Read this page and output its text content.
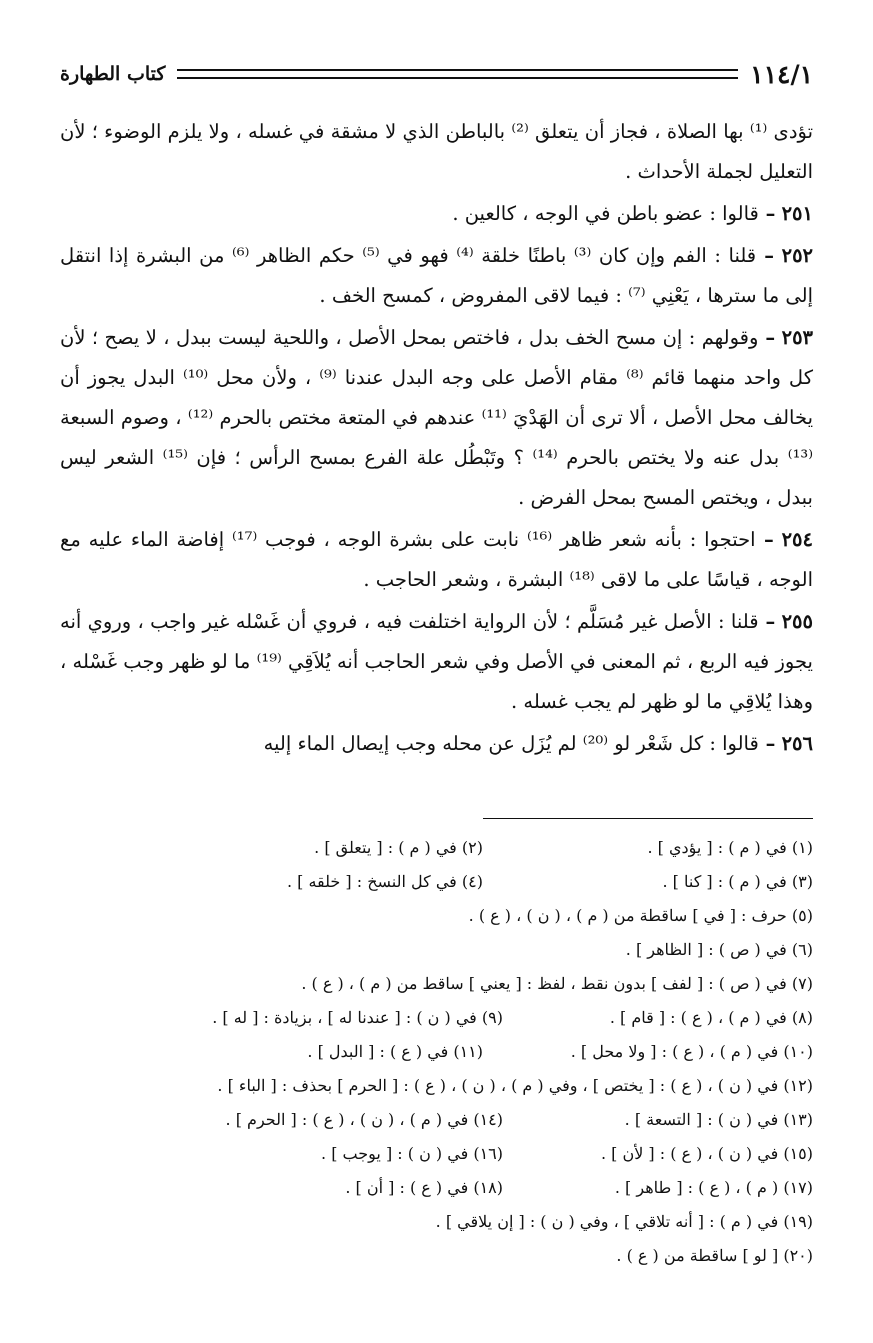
١١٤/١
كتاب الطهارة

تؤدى ⁽¹⁾ بها الصلاة ، فجاز أن يتعلق ⁽²⁾ بالباطن الذي لا مشقة في غسله ، ولا يلزم الوضوء ؛ لأن التعليل لجملة الأحداث .

٢٥١ – قالوا : عضو باطن في الوجه ، كالعين .

٢٥٢ – قلنا : الفم وإن كان ⁽³⁾ باطنًا خلقة ⁽⁴⁾ فهو في ⁽⁵⁾ حكم الظاهر ⁽⁶⁾ من البشرة إذا انتقل إلى ما سترها ، يَعْنِي ⁽⁷⁾ : فيما لاقى المفروض ، كمسح الخف .

٢٥٣ – وقولهم : إن مسح الخف بدل ، فاختص بمحل الأصل ، واللحية ليست ببدل ، لا يصح ؛ لأن كل واحد منهما قائم ⁽⁸⁾ مقام الأصل على وجه البدل عندنا ⁽⁹⁾ ، ولأن محل ⁽¹⁰⁾ البدل يجوز أن يخالف محل الأصل ، ألا ترى أن الهَدْيَ ⁽¹¹⁾ عندهم في المتعة مختص بالحرم ⁽¹²⁾ ، وصوم السبعة ⁽¹³⁾ بدل عنه ولا يختص بالحرم ⁽¹⁴⁾ ؟ وتَبْطُل علة الفرع بمسح الرأس ؛ فإن ⁽¹⁵⁾ الشعر ليس ببدل ، ويختص المسح بمحل الفرض .

٢٥٤ – احتجوا : بأنه شعر ظاهر ⁽¹⁶⁾ نابت على بشرة الوجه ، فوجب ⁽¹⁷⁾ إفاضة الماء عليه مع الوجه ، قياسًا على ما لاقى ⁽¹⁸⁾ البشرة ، وشعر الحاجب .

٢٥٥ – قلنا : الأصل غير مُسَلَّم ؛ لأن الرواية اختلفت فيه ، فروي أن غَسْله غير واجب ، وروي أنه يجوز فيه الربع ، ثم المعنى في الأصل وفي شعر الحاجب أنه يُلاَقِي ⁽¹⁹⁾ ما لو ظهر وجب غَسْله ، وهذا يُلاقِي ما لو ظهر لم يجب غسله .

٢٥٦ – قالوا : كل شَعْر لو ⁽²⁰⁾ لم يُزَل عن محله وجب إيصال الماء إليه

(١) في ( م ) : [ يؤدي ] .
(٢) في ( م ) : [ يتعلق ] .
(٣) في ( م ) : [ كنا ] .
(٤) في كل النسخ : [ خلقه ] .
(٥) حرف : [ في ] ساقطة من ( م ) ، ( ن ) ، ( ع ) .
(٦) في ( ص ) : [ الظاهر ] .
(٧) في ( ص ) : [ لفف ] بدون نقط ، لفظ : [ يعني ] ساقط من ( م ) ، ( ع ) .
(٨) في ( م ) ، ( ع ) : [ قام ] .
(٩) في ( ن ) : [ عندنا له ] ، بزيادة : [ له ] .
(١٠) في ( م ) ، ( ع ) : [ ولا محل ] .
(١١) في ( ع ) : [ البدل ] .
(١٢) في ( ن ) ، ( ع ) : [ يختص ] ، وفي ( م ) ، ( ن ) ، ( ع ) : [ الحرم ] بحذف : [ الباء ] .
(١٣) في ( ن ) : [ التسعة ] .
(١٤) في ( م ) ، ( ن ) ، ( ع ) : [ الحرم ] .
(١٥) في ( ن ) ، ( ع ) : [ لأن ] .
(١٦) في ( ن ) : [ يوجب ] .
(١٧) ( م ) ، ( ع ) : [ طاهر ] .
(١٨) في ( ع ) : [ أن ] .
(١٩) في ( م ) : [ أنه تلاقي ] ، وفي ( ن ) : [ إن يلاقي ] .
(٢٠) [ لو ] ساقطة من ( ع ) .
